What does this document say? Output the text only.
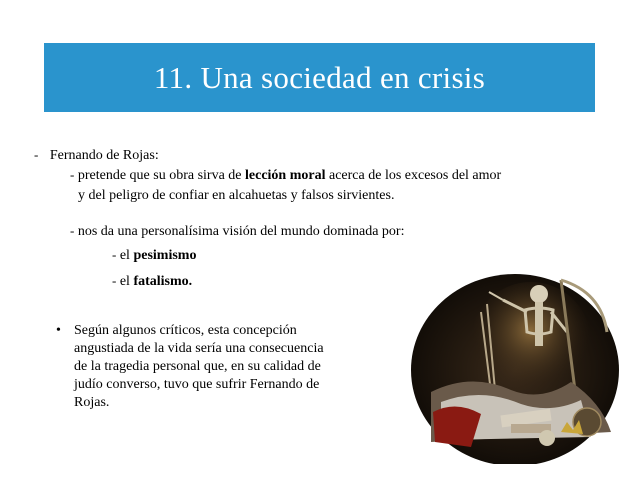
11. Una sociedad en crisis
- Fernando de Rojas:
- pretende que su obra sirva de lección moral acerca de los excesos del amor
y del peligro de confiar en alcahuetas y falsos sirvientes.
- nos da una personalísima visión del mundo dominada por:
- el pesimismo
- el fatalismo.
• Según algunos críticos, esta concepción
angustiada de la vida sería una consecuencia
de la tragedia personal que, en su calidad de
judío converso, tuvo que sufrir Fernando de
Rojas.
